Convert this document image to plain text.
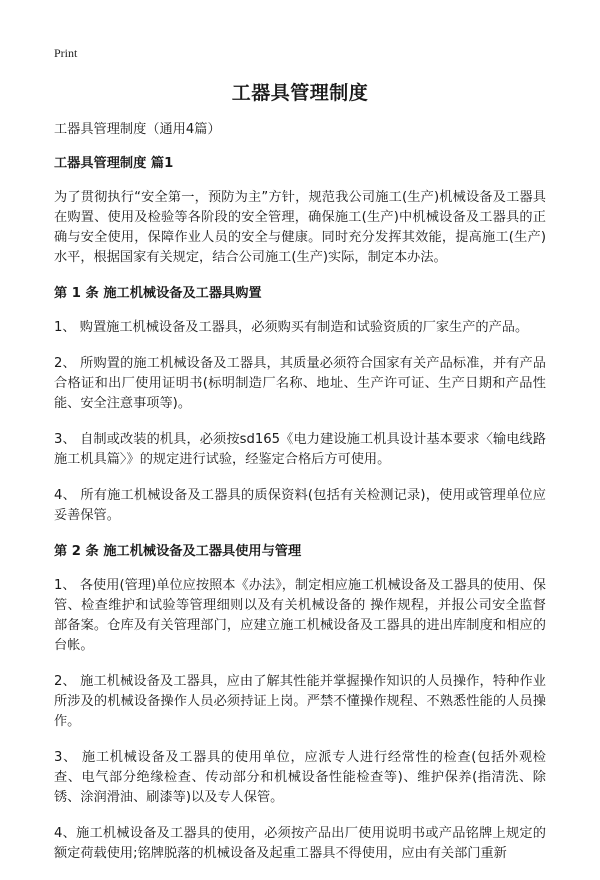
Print
工器具管理制度

工器具管理制度（通用4篇）

工器具管理制度 篇1

为了贯彻执行“安全第一，预防为主”方针，规范我公司施工(生产)机械设备及工器具在购置、使用及检验等各阶段的安全管理，确保施工(生产)中机械设备及工器具的正确与安全使用，保障作业人员的安全与健康。同时充分发挥其效能，提高施工(生产)水平，根据国家有关规定，结合公司施工(生产)实际，制定本办法。

第 1 条 施工机械设备及工器具购置

1、 购置施工机械设备及工器具，必须购买有制造和试验资质的厂家生产的产品。

2、 所购置的施工机械设备及工器具，其质量必须符合国家有关产品标准，并有产品合格证和出厂使用证明书(标明制造厂名称、地址、生产许可证、生产日期和产品性能、安全注意事项等)。

3、 自制或改装的机具，必须按sd165《电力建设施工机具设计基本要求〈输电线路施工机具篇〉》的规定进行试验，经鉴定合格后方可使用。

4、 所有施工机械设备及工器具的质保资料(包括有关检测记录)，使用或管理单位应妥善保管。

第 2 条 施工机械设备及工器具使用与管理

1、 各使用(管理)单位应按照本《办法》，制定相应施工机械设备及工器具的使用、保管、检查维护和试验等管理细则以及有关机械设备的 操作规程，并报公司安全监督部备案。仓库及有关管理部门，应建立施工机械设备及工器具的进出库制度和相应的台帐。

2、 施工机械设备及工器具，应由了解其性能并掌握操作知识的人员操作，特种作业所涉及的机械设备操作人员必须持证上岗。严禁不懂操作规程、不熟悉性能的人员操作。

3、 施工机械设备及工器具的使用单位，应派专人进行经常性的检查(包括外观检查、电气部分绝缘检查、传动部分和机械设备性能检查等)、维护保养(指清洗、除锈、涂润滑油、刷漆等)以及专人保管。

4、施工机械设备及工器具的使用，必须按产品出厂使用说明书或产品铭牌上规定的额定荷载使用;铭牌脱落的机械设备及起重工器具不得使用，应由有关部门重新
